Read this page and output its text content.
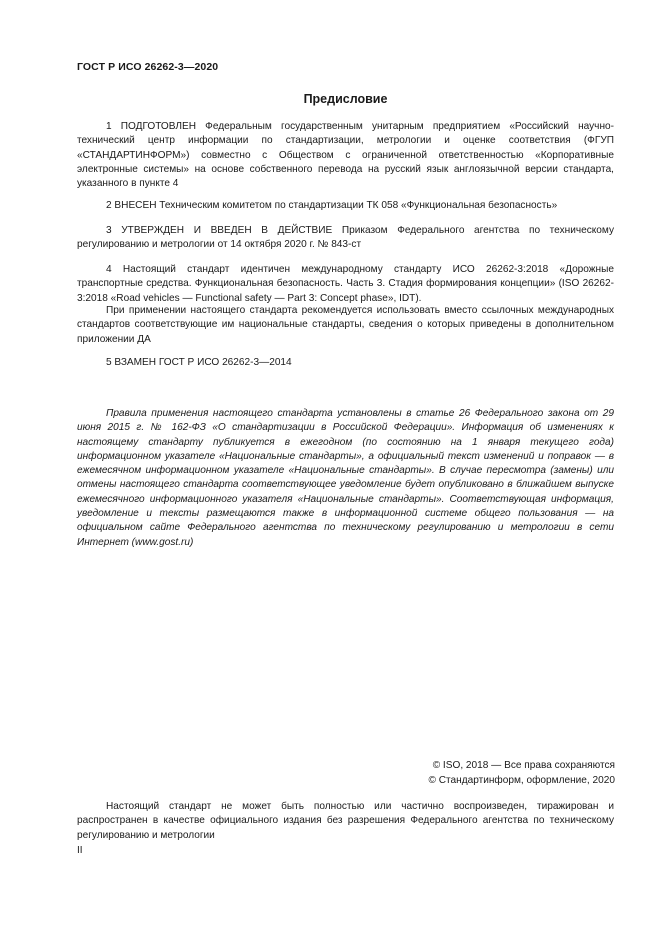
ГОСТ Р ИСО 26262-3—2020
Предисловие

1 ПОДГОТОВЛЕН Федеральным государственным унитарным предприятием «Российский научно-технический центр информации по стандартизации, метрологии и оценке соответствия (ФГУП «СТАНДАРТИНФОРМ») совместно с Обществом с ограниченной ответственностью «Корпоративные электронные системы» на основе собственного перевода на русский язык англоязычной версии стандарта, указанного в пункте 4

2 ВНЕСЕН Техническим комитетом по стандартизации ТК 058 «Функциональная безопасность»

3 УТВЕРЖДЕН И ВВЕДЕН В ДЕЙСТВИЕ Приказом Федерального агентства по техническому регулированию и метрологии от 14 октября 2020 г. № 843-ст

4 Настоящий стандарт идентичен международному стандарту ИСО 26262-3:2018 «Дорожные транспортные средства. Функциональная безопасность. Часть 3. Стадия формирования концепции» (ISO 26262-3:2018 «Road vehicles — Functional safety — Part 3: Concept phase», IDT).

При применении настоящего стандарта рекомендуется использовать вместо ссылочных международных стандартов соответствующие им национальные стандарты, сведения о которых приведены в дополнительном приложении ДА

5 ВЗАМЕН ГОСТ Р ИСО 26262-3—2014

Правила применения настоящего стандарта установлены в статье 26 Федерального закона от 29 июня 2015 г. № 162-ФЗ «О стандартизации в Российской Федерации». Информация об изменениях к настоящему стандарту публикуется в ежегодном (по состоянию на 1 января текущего года) информационном указателе «Национальные стандарты», а официальный текст изменений и поправок — в ежемесячном информационном указателе «Национальные стандарты». В случае пересмотра (замены) или отмены настоящего стандарта соответствующее уведомление будет опубликовано в ближайшем выпуске ежемесячного информационного указателя «Национальные стандарты». Соответствующая информация, уведомление и тексты размещаются также в информационной системе общего пользования — на официальном сайте Федерального агентства по техническому регулированию и метрологии в сети Интернет (www.gost.ru)

© ISO, 2018 — Все права сохраняются
© Стандартинформ, оформление, 2020

Настоящий стандарт не может быть полностью или частично воспроизведен, тиражирован и распространен в качестве официального издания без разрешения Федерального агентства по техническому регулированию и метрологии

II
